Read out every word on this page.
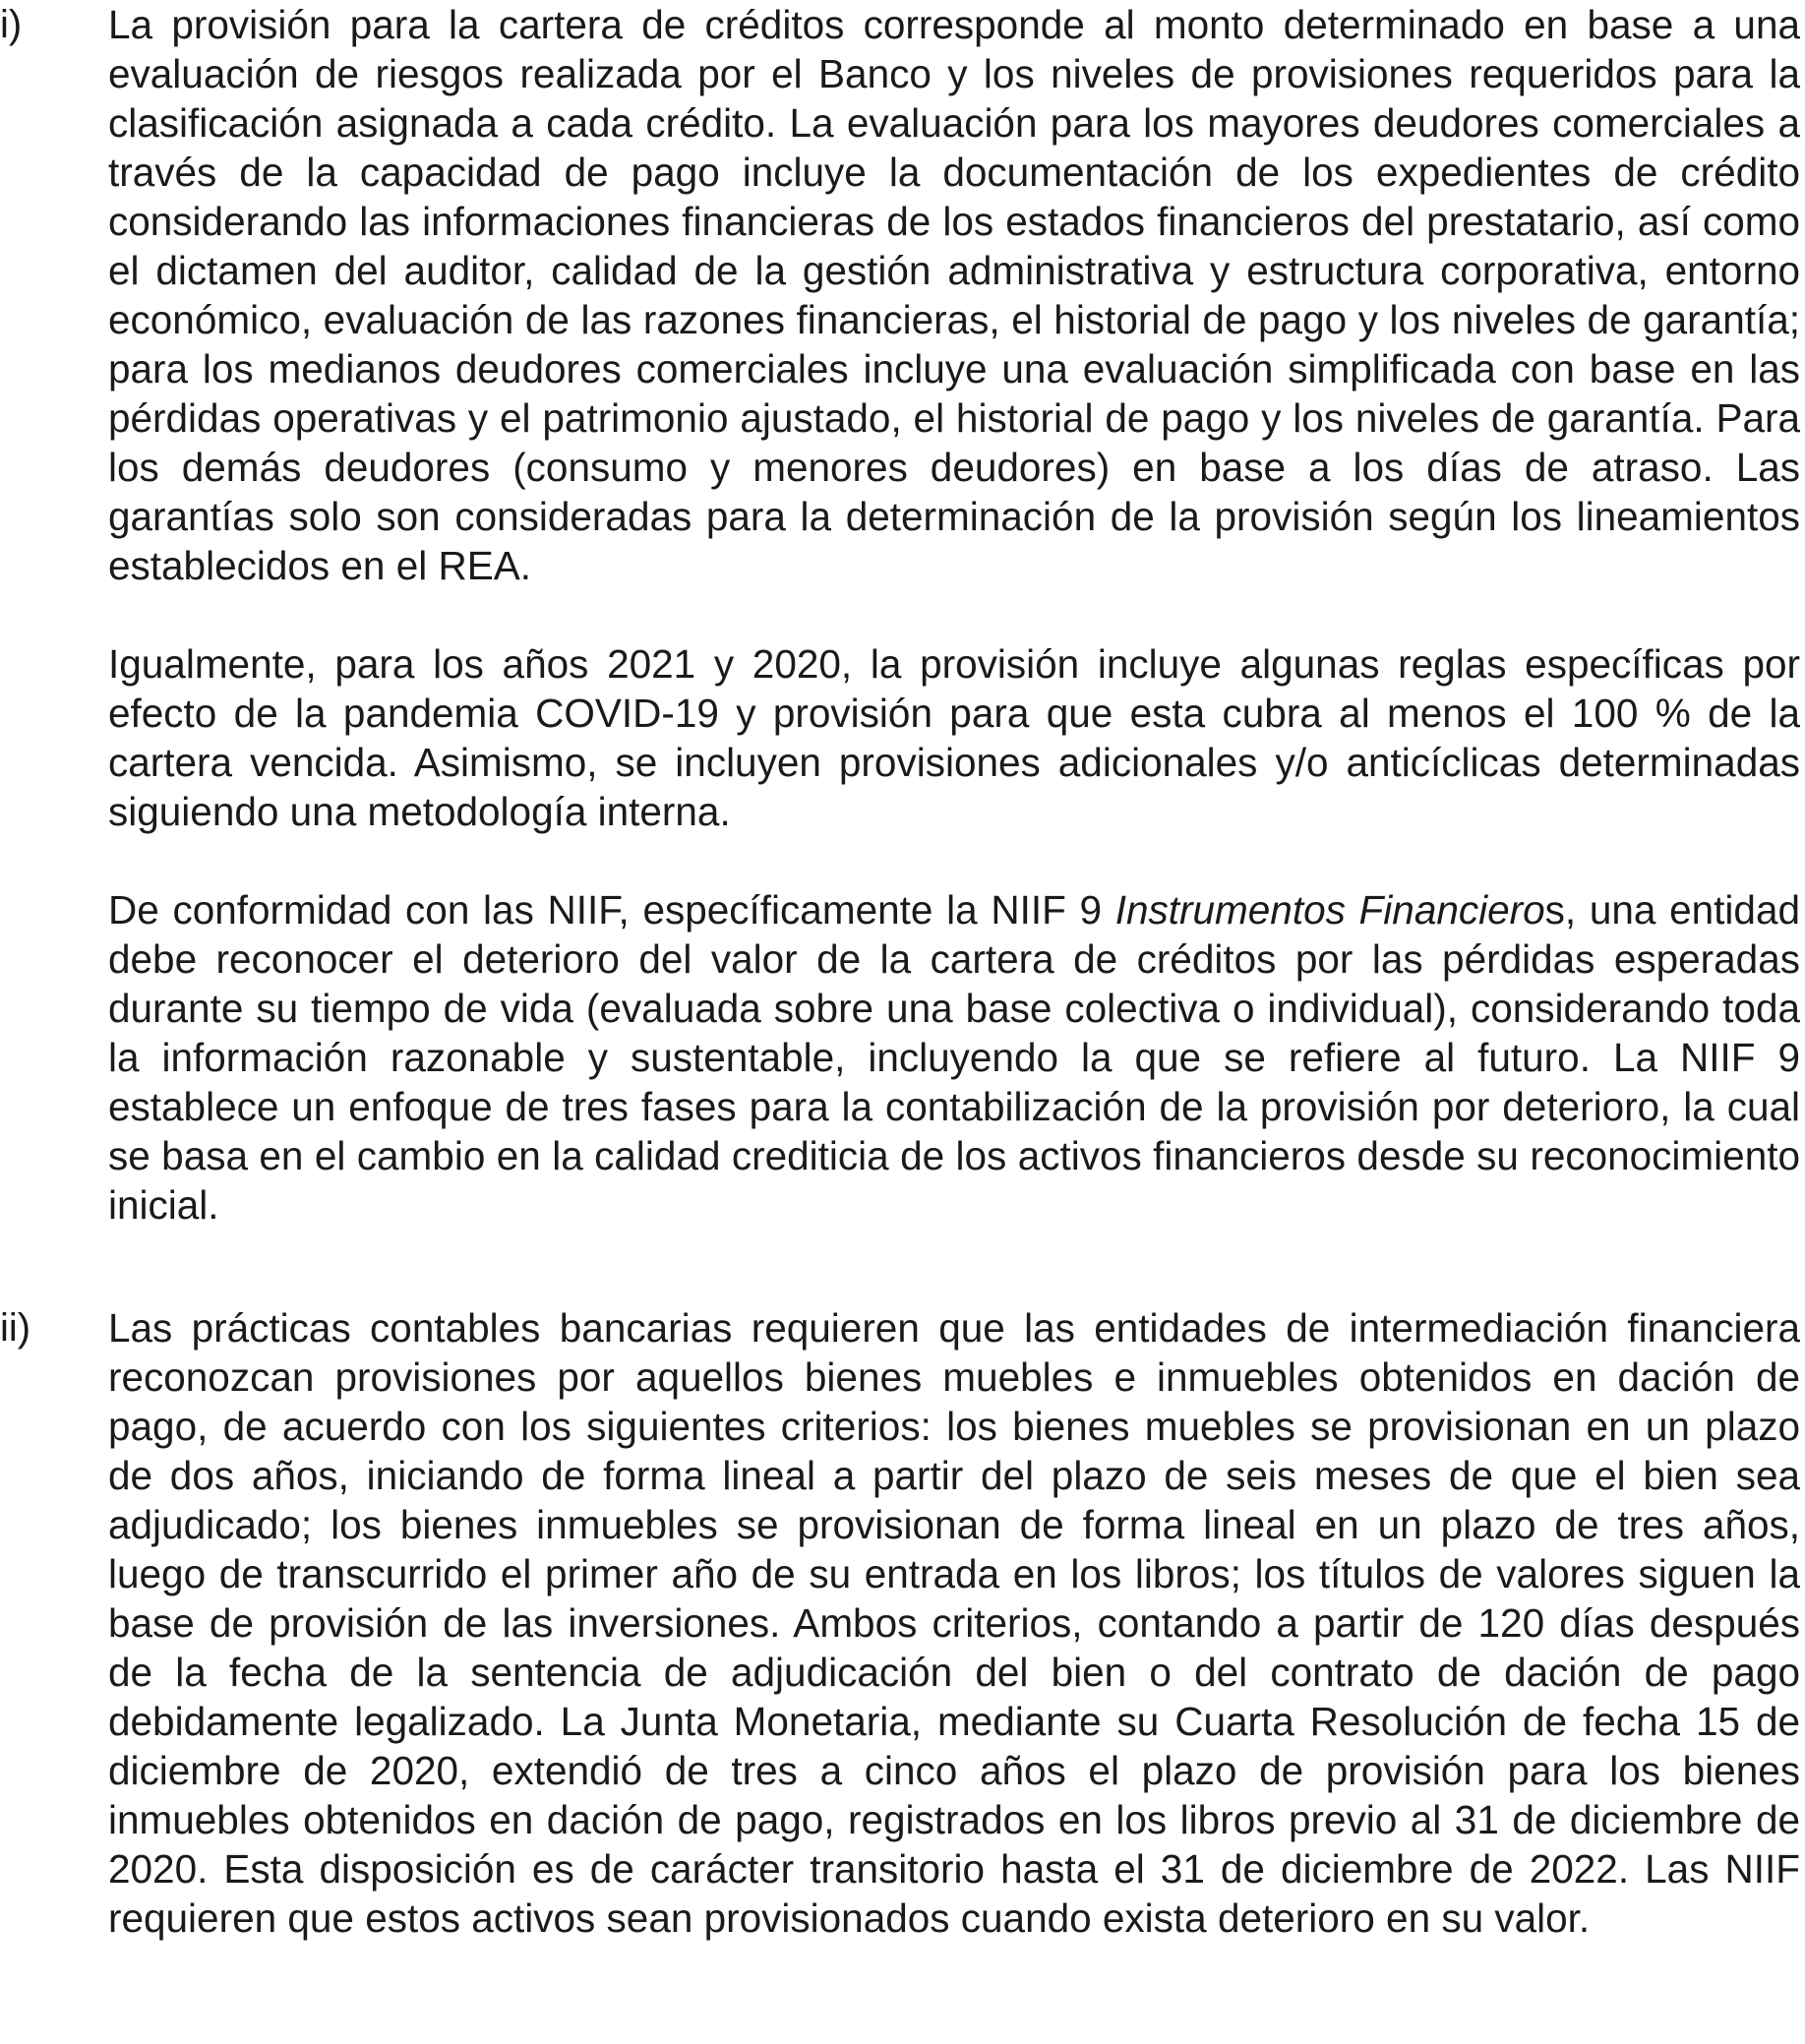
i) La provisión para la cartera de créditos corresponde al monto determinado en base a una evaluación de riesgos realizada por el Banco y los niveles de provisiones requeridos para la clasificación asignada a cada crédito. La evaluación para los mayores deudores comerciales a través de la capacidad de pago incluye la documentación de los expedientes de crédito considerando las informaciones financieras de los estados financieros del prestatario, así como el dictamen del auditor, calidad de la gestión administrativa y estructura corporativa, entorno económico, evaluación de las razones financieras, el historial de pago y los niveles de garantía; para los medianos deudores comerciales incluye una evaluación simplificada con base en las pérdidas operativas y el patrimonio ajustado, el historial de pago y los niveles de garantía. Para los demás deudores (consumo y menores deudores) en base a los días de atraso. Las garantías solo son consideradas para la determinación de la provisión según los lineamientos establecidos en el REA.

Igualmente, para los años 2021 y 2020, la provisión incluye algunas reglas específicas por efecto de la pandemia COVID-19 y provisión para que esta cubra al menos el 100 % de la cartera vencida. Asimismo, se incluyen provisiones adicionales y/o anticíclicas determinadas siguiendo una metodología interna.

De conformidad con las NIIF, específicamente la NIIF 9 Instrumentos Financieros, una entidad debe reconocer el deterioro del valor de la cartera de créditos por las pérdidas esperadas durante su tiempo de vida (evaluada sobre una base colectiva o individual), considerando toda la información razonable y sustentable, incluyendo la que se refiere al futuro. La NIIF 9 establece un enfoque de tres fases para la contabilización de la provisión por deterioro, la cual se basa en el cambio en la calidad crediticia de los activos financieros desde su reconocimiento inicial.

ii) Las prácticas contables bancarias requieren que las entidades de intermediación financiera reconozcan provisiones por aquellos bienes muebles e inmuebles obtenidos en dación de pago, de acuerdo con los siguientes criterios: los bienes muebles se provisionan en un plazo de dos años, iniciando de forma lineal a partir del plazo de seis meses de que el bien sea adjudicado; los bienes inmuebles se provisionan de forma lineal en un plazo de tres años, luego de transcurrido el primer año de su entrada en los libros; los títulos de valores siguen la base de provisión de las inversiones. Ambos criterios, contando a partir de 120 días después de la fecha de la sentencia de adjudicación del bien o del contrato de dación de pago debidamente legalizado. La Junta Monetaria, mediante su Cuarta Resolución de fecha 15 de diciembre de 2020, extendió de tres a cinco años el plazo de provisión para los bienes inmuebles obtenidos en dación de pago, registrados en los libros previo al 31 de diciembre de 2020. Esta disposición es de carácter transitorio hasta el 31 de diciembre de 2022. Las NIIF requieren que estos activos sean provisionados cuando exista deterioro en su valor.
